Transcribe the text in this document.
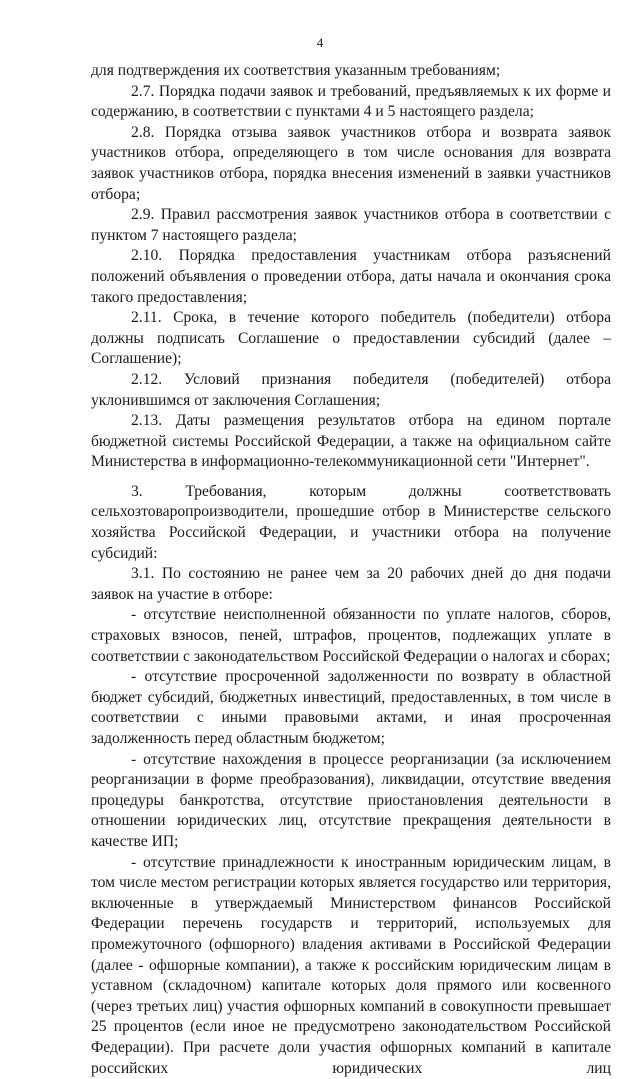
4

для подтверждения их соответствия указанным требованиям;

2.7. Порядка подачи заявок и требований, предъявляемых к их форме и содержанию, в соответствии с пунктами 4 и 5 настоящего раздела;

2.8. Порядка отзыва заявок участников отбора и возврата заявок участников отбора, определяющего в том числе основания для возврата заявок участников отбора, порядка внесения изменений в заявки участников отбора;

2.9. Правил рассмотрения заявок участников отбора в соответствии с пунктом 7 настоящего раздела;

2.10. Порядка предоставления участникам отбора разъяснений положений объявления о проведении отбора, даты начала и окончания срока такого предоставления;

2.11. Срока, в течение которого победитель (победители) отбора должны подписать Соглашение о предоставлении субсидий (далее – Соглашение);

2.12. Условий признания победителя (победителей) отбора уклонившимся от заключения Соглашения;

2.13. Даты размещения результатов отбора на едином портале бюджетной системы Российской Федерации, а также на официальном сайте Министерства в информационно-телекоммуникационной сети "Интернет".

3. Требования, которым должны соответствовать сельхозтоваропроизводители, прошедшие отбор в Министерстве сельского хозяйства Российской Федерации, и участники отбора на получение субсидий:

3.1. По состоянию не ранее чем за 20 рабочих дней до дня подачи заявок на участие в отборе:

- отсутствие неисполненной обязанности по уплате налогов, сборов, страховых взносов, пеней, штрафов, процентов, подлежащих уплате в соответствии с законодательством Российской Федерации о налогах и сборах;

- отсутствие просроченной задолженности по возврату в областной бюджет субсидий, бюджетных инвестиций, предоставленных, в том числе в соответствии с иными правовыми актами, и иная просроченная задолженность перед областным бюджетом;

- отсутствие нахождения в процессе реорганизации (за исключением реорганизации в форме преобразования), ликвидации, отсутствие введения процедуры банкротства, отсутствие приостановления деятельности в отношении юридических лиц, отсутствие прекращения деятельности в качестве ИП;

- отсутствие принадлежности к иностранным юридическим лицам, в том числе местом регистрации которых является государство или территория, включенные в утверждаемый Министерством финансов Российской Федерации перечень государств и территорий, используемых для промежуточного (офшорного) владения активами в Российской Федерации (далее - офшорные компании), а также к российским юридическим лицам в уставном (складочном) капитале которых доля прямого или косвенного (через третьих лиц) участия офшорных компаний в совокупности превышает 25 процентов (если иное не предусмотрено законодательством Российской Федерации). При расчете доли участия офшорных компаний в капитале российских юридических лиц
